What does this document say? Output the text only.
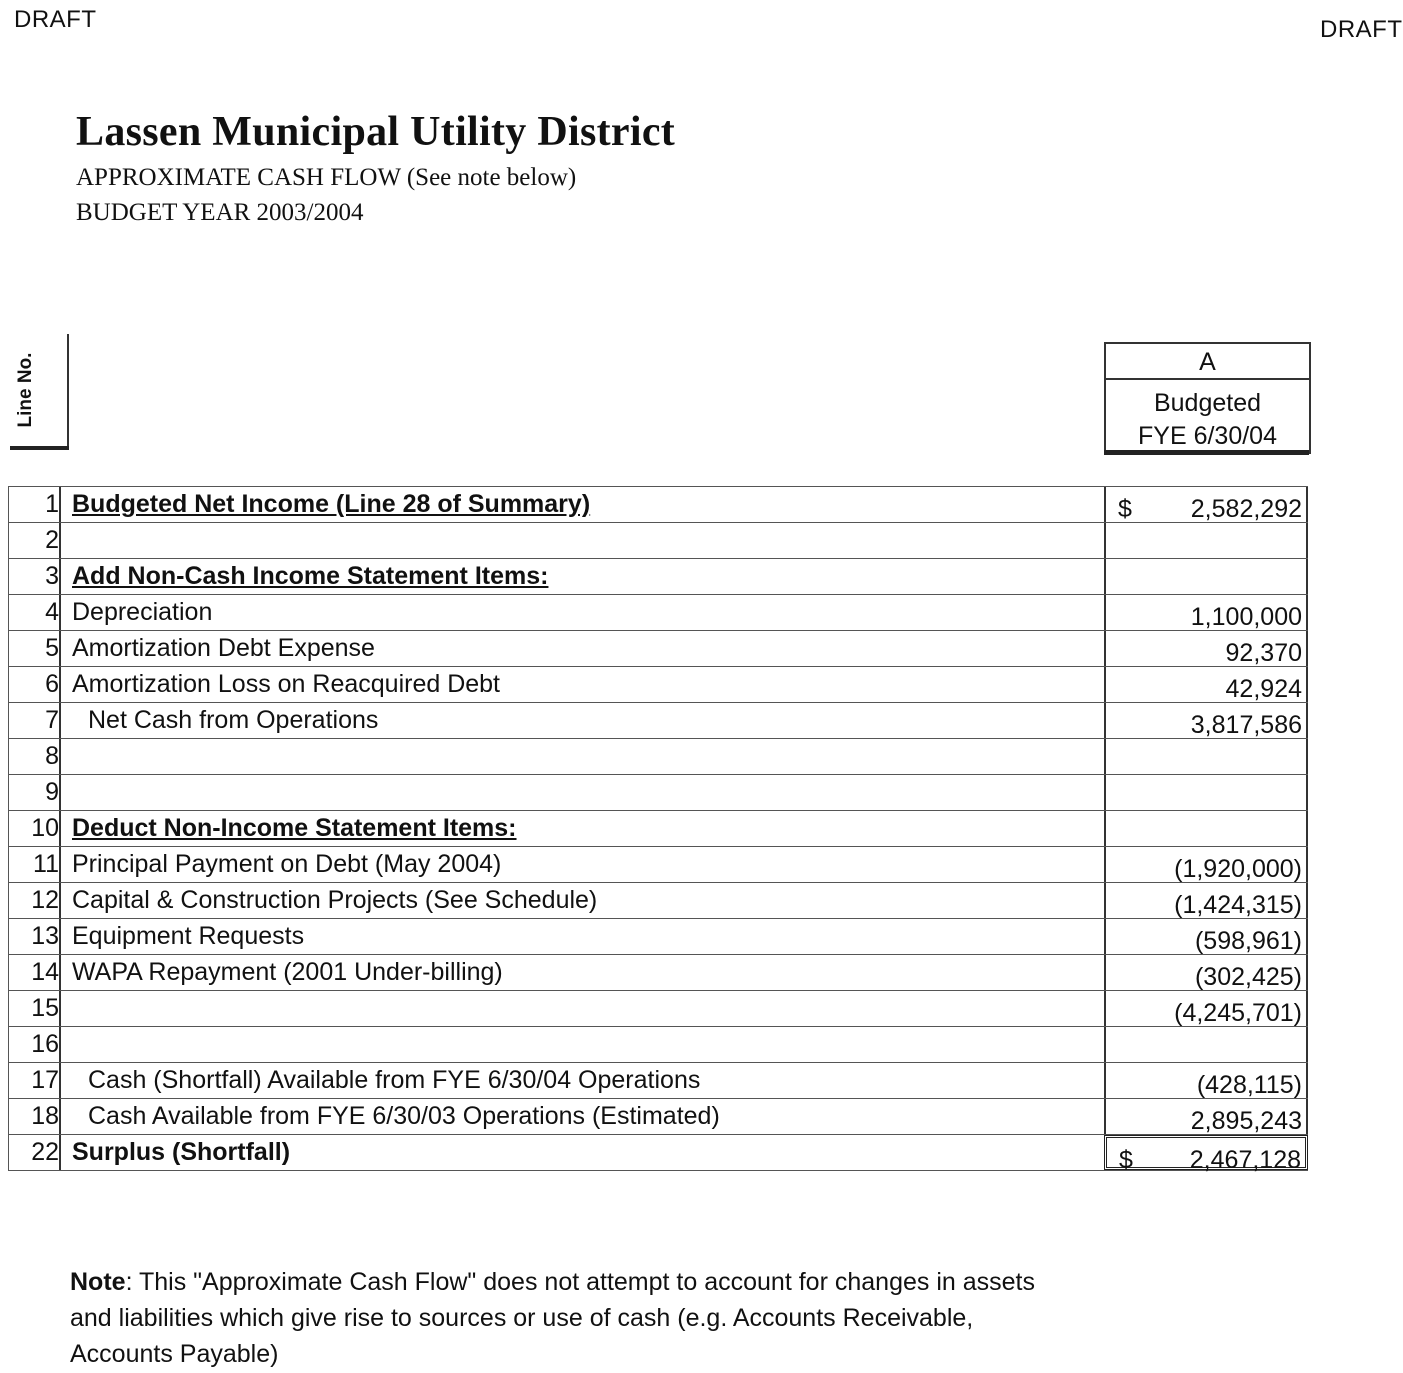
DRAFT	DRAFT
Lassen Municipal Utility District
APPROXIMATE CASH FLOW (See note below)
BUDGET YEAR 2003/2004
Line No.	A
Budgeted
FYE 6/30/04
1 Budgeted Net Income (Line 28 of Summary)	$ 2,582,292
2
3 Add Non-Cash Income Statement Items:
4 Depreciation	1,100,000
5 Amortization Debt Expense	92,370
6 Amortization Loss on Reacquired Debt	42,924
7 Net Cash from Operations	3,817,586
8
9
10 Deduct Non-Income Statement Items:
11 Principal Payment on Debt (May 2004)	(1,920,000)
12 Capital & Construction Projects (See Schedule)	(1,424,315)
13 Equipment Requests	(598,961)
14 WAPA Repayment (2001 Under-billing)	(302,425)
15	(4,245,701)
16
17 Cash (Shortfall) Available from FYE 6/30/04 Operations	(428,115)
18 Cash Available from FYE 6/30/03 Operations (Estimated)	2,895,243
22 Surplus (Shortfall)	$ 2,467,128
Note: This "Approximate Cash Flow" does not attempt to account for changes in assets and liabilities which give rise to sources or use of cash (e.g. Accounts Receivable, Accounts Payable)
